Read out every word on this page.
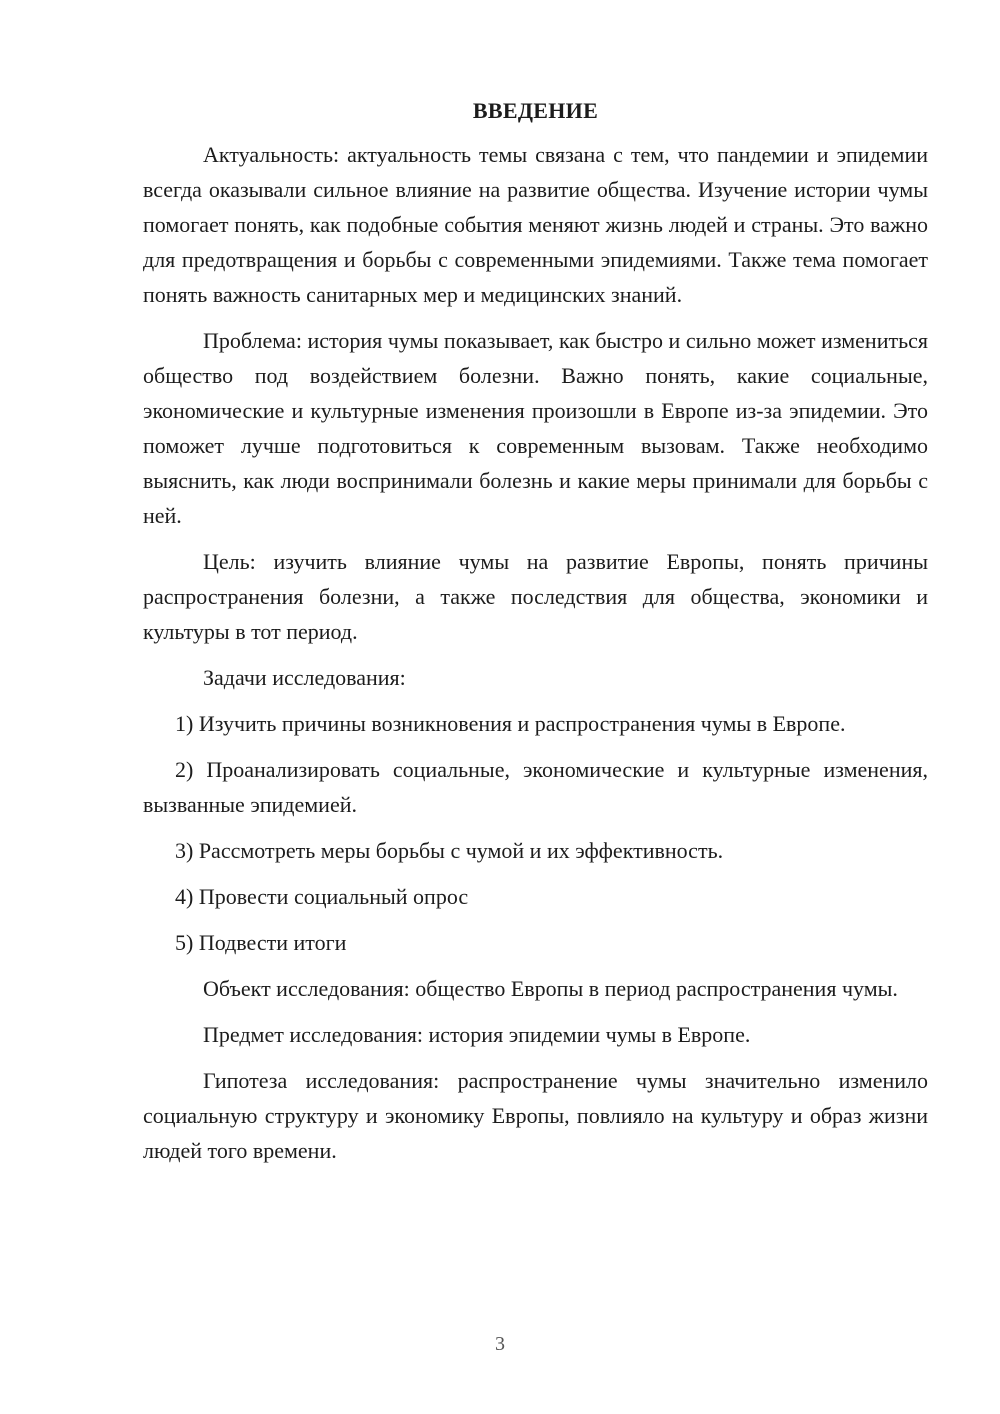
ВВЕДЕНИЕ

Актуальность: актуальность темы связана с тем, что пандемии и эпидемии всегда оказывали сильное влияние на развитие общества. Изучение истории чумы помогает понять, как подобные события меняют жизнь людей и страны. Это важно для предотвращения и борьбы с современными эпидемиями. Также тема помогает понять важность санитарных мер и медицинских знаний.

Проблема: история чумы показывает, как быстро и сильно может измениться общество под воздействием болезни. Важно понять, какие социальные, экономические и культурные изменения произошли в Европе из-за эпидемии. Это поможет лучше подготовиться к современным вызовам. Также необходимо выяснить, как люди воспринимали болезнь и какие меры принимали для борьбы с ней.

Цель: изучить влияние чумы на развитие Европы, понять причины распространения болезни, а также последствия для общества, экономики и культуры в тот период.

Задачи исследования:

1) Изучить причины возникновения и распространения чумы в Европе.

2) Проанализировать социальные, экономические и культурные изменения, вызванные эпидемией.

3) Рассмотреть меры борьбы с чумой и их эффективность.

4) Провести социальный опрос

5) Подвести итоги

Объект исследования: общество Европы в период распространения чумы.

Предмет исследования: история эпидемии чумы в Европе.

Гипотеза исследования: распространение чумы значительно изменило социальную структуру и экономику Европы, повлияло на культуру и образ жизни людей того времени.

3
